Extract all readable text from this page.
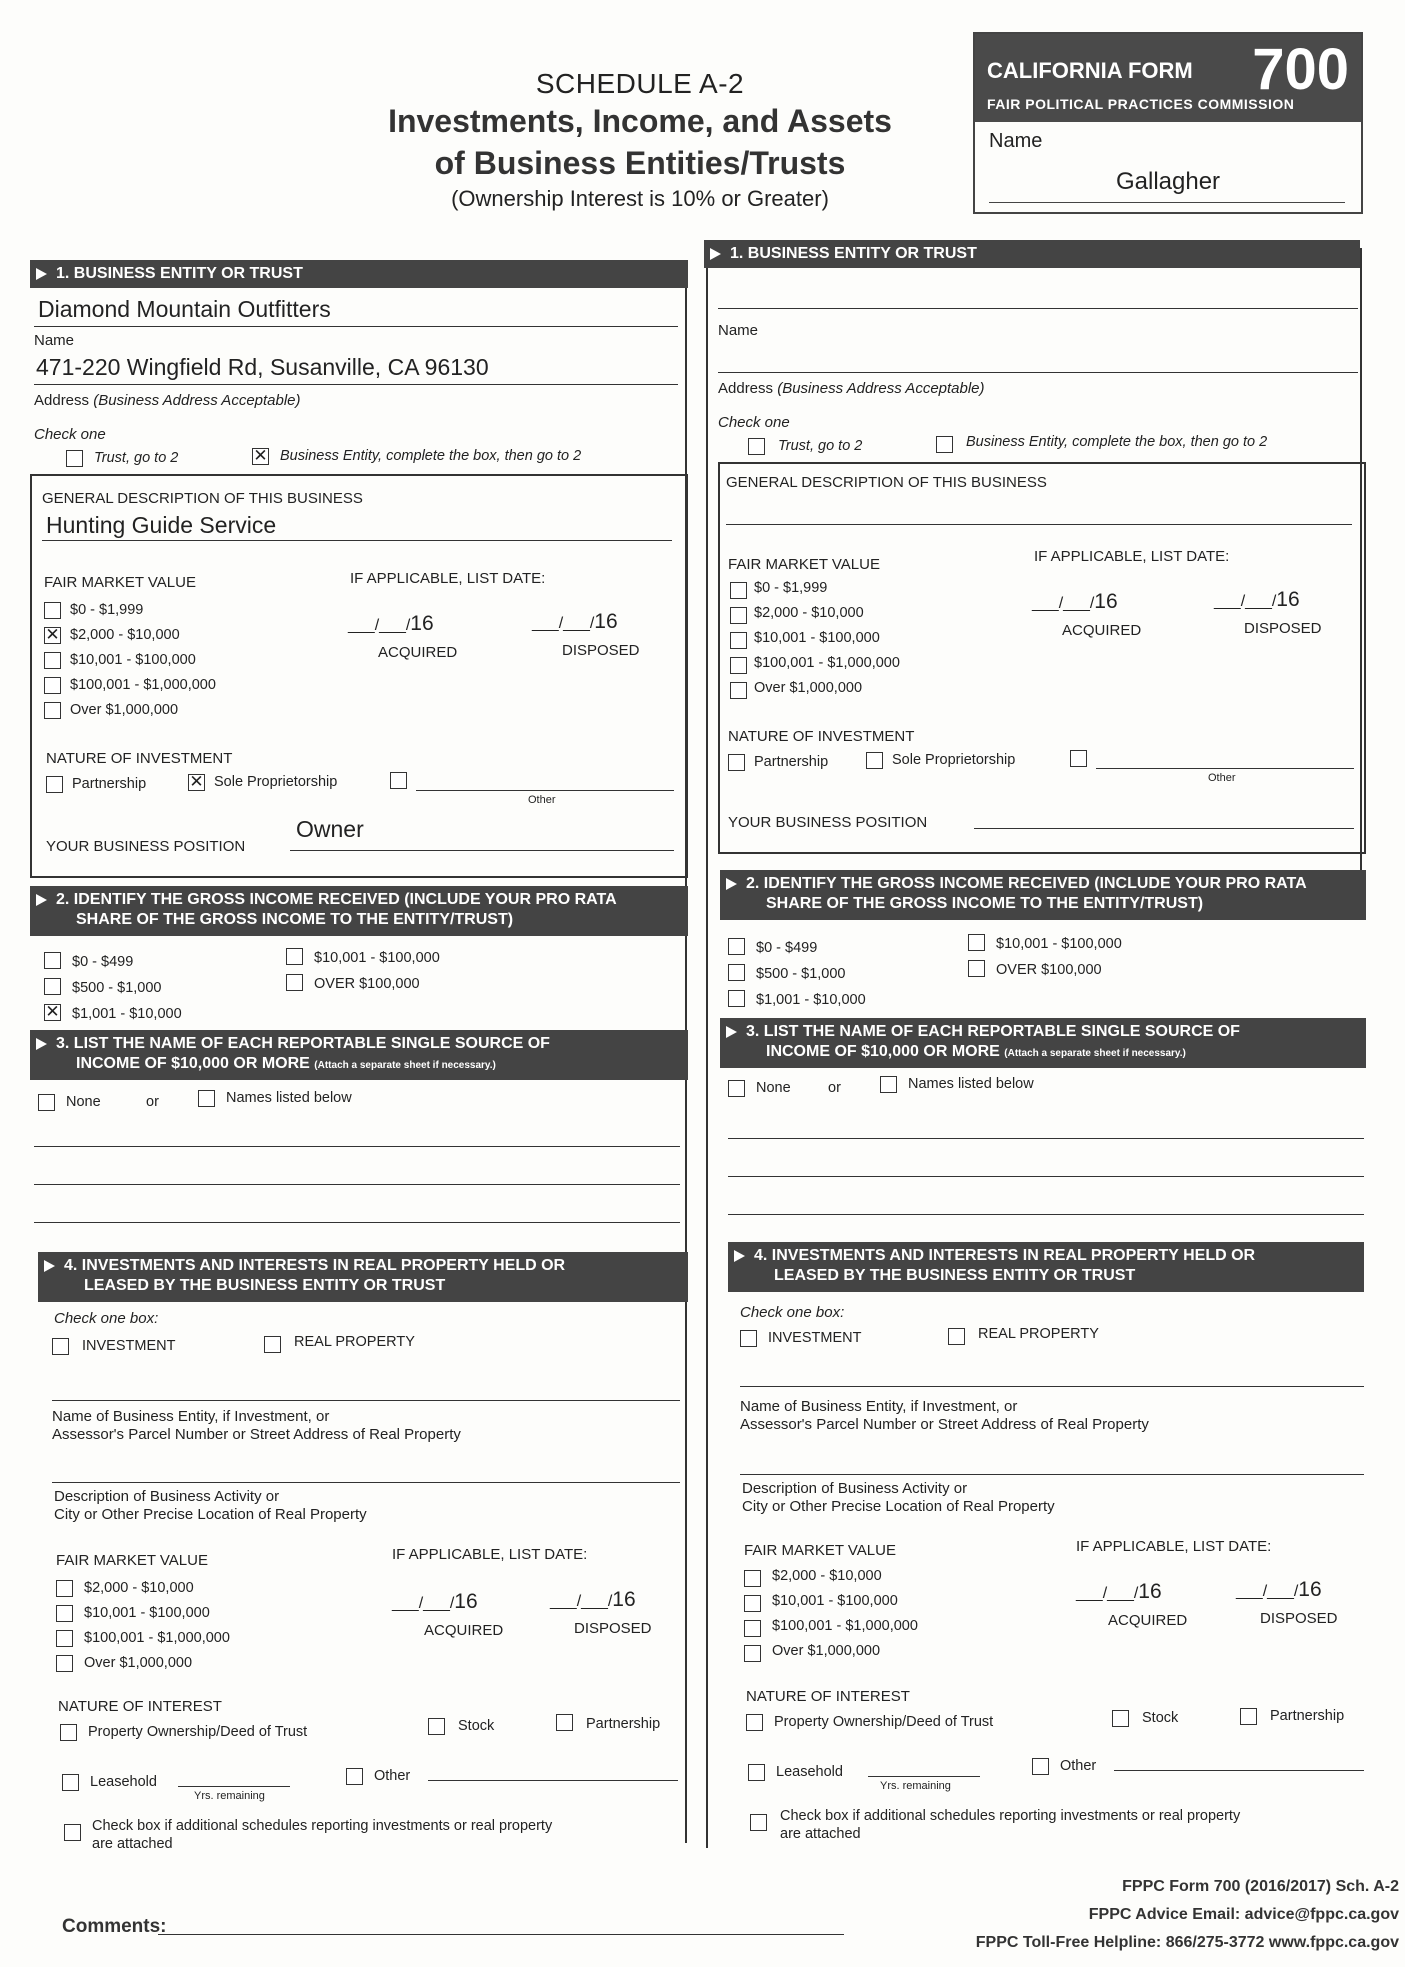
SCHEDULE A-2
Investments, Income, and Assets
of Business Entities/Trusts
(Ownership Interest is 10% or Greater)
CALIFORNIA FORM 700
FAIR POLITICAL PRACTICES COMMISSION
Name
Gallagher
1. BUSINESS ENTITY OR TRUST
Diamond Mountain Outfitters
Name
471-220 Wingfield Rd, Susanville, CA 96130
Address (Business Address Acceptable)
Check one
Trust, go to 2	✕ Business Entity, complete the box, then go to 2
GENERAL DESCRIPTION OF THIS BUSINESS
Hunting Guide Service
FAIR MARKET VALUE	IF APPLICABLE, LIST DATE:
$0 - $1,999
✕ $2,000 - $10,000
$10,001 - $100,000
$100,001 - $1,000,000
Over $1,000,000
___/___/16
ACQUIRED
___/___/16
DISPOSED
NATURE OF INVESTMENT
Partnership	✕ Sole Proprietorship
Other
YOUR BUSINESS POSITION
Owner
2. IDENTIFY THE GROSS INCOME RECEIVED (INCLUDE YOUR PRO RATA
SHARE OF THE GROSS INCOME TO THE ENTITY/TRUST)
$0 - $499
$500 - $1,000
✕ $1,001 - $10,000
$10,001 - $100,000
OVER $100,000
3. LIST THE NAME OF EACH REPORTABLE SINGLE SOURCE OF
INCOME OF $10,000 OR MORE (Attach a separate sheet if necessary.)
None	or	Names listed below
4. INVESTMENTS AND INTERESTS IN REAL PROPERTY HELD OR
LEASED BY THE BUSINESS ENTITY OR TRUST
Check one box:
INVESTMENT	REAL PROPERTY
Name of Business Entity, if Investment, or
Assessor's Parcel Number or Street Address of Real Property
Description of Business Activity or
City or Other Precise Location of Real Property
FAIR MARKET VALUE	IF APPLICABLE, LIST DATE:
$2,000 - $10,000
$10,001 - $100,000
$100,001 - $1,000,000
Over $1,000,000
___/___/16
ACQUIRED
___/___/16
DISPOSED
NATURE OF INTEREST
Property Ownership/Deed of Trust	Stock	Partnership
Leasehold
Yrs. remaining
Other
Check box if additional schedules reporting investments or real property
are attached
1. BUSINESS ENTITY OR TRUST
Name
Address (Business Address Acceptable)
Check one
Trust, go to 2	Business Entity, complete the box, then go to 2
GENERAL DESCRIPTION OF THIS BUSINESS
FAIR MARKET VALUE	IF APPLICABLE, LIST DATE:
$0 - $1,999
$2,000 - $10,000
$10,001 - $100,000
$100,001 - $1,000,000
Over $1,000,000
___/___/16
ACQUIRED
___/___/16
DISPOSED
NATURE OF INVESTMENT
Partnership	Sole Proprietorship
Other
YOUR BUSINESS POSITION
2. IDENTIFY THE GROSS INCOME RECEIVED (INCLUDE YOUR PRO RATA
SHARE OF THE GROSS INCOME TO THE ENTITY/TRUST)
$0 - $499
$500 - $1,000
$1,001 - $10,000
$10,001 - $100,000
OVER $100,000
3. LIST THE NAME OF EACH REPORTABLE SINGLE SOURCE OF
INCOME OF $10,000 OR MORE (Attach a separate sheet if necessary.)
None	or	Names listed below
4. INVESTMENTS AND INTERESTS IN REAL PROPERTY HELD OR
LEASED BY THE BUSINESS ENTITY OR TRUST
Check one box:
INVESTMENT	REAL PROPERTY
Name of Business Entity, if Investment, or
Assessor's Parcel Number or Street Address of Real Property
Description of Business Activity or
City or Other Precise Location of Real Property
FAIR MARKET VALUE	IF APPLICABLE, LIST DATE:
$2,000 - $10,000
$10,001 - $100,000
$100,001 - $1,000,000
Over $1,000,000
___/___/16
ACQUIRED
___/___/16
DISPOSED
NATURE OF INTEREST
Property Ownership/Deed of Trust	Stock	Partnership
Leasehold
Yrs. remaining
Other
Check box if additional schedules reporting investments or real property
are attached
Comments:
FPPC Form 700 (2016/2017) Sch. A-2
FPPC Advice Email: advice@fppc.ca.gov
FPPC Toll-Free Helpline: 866/275-3772 www.fppc.ca.gov
